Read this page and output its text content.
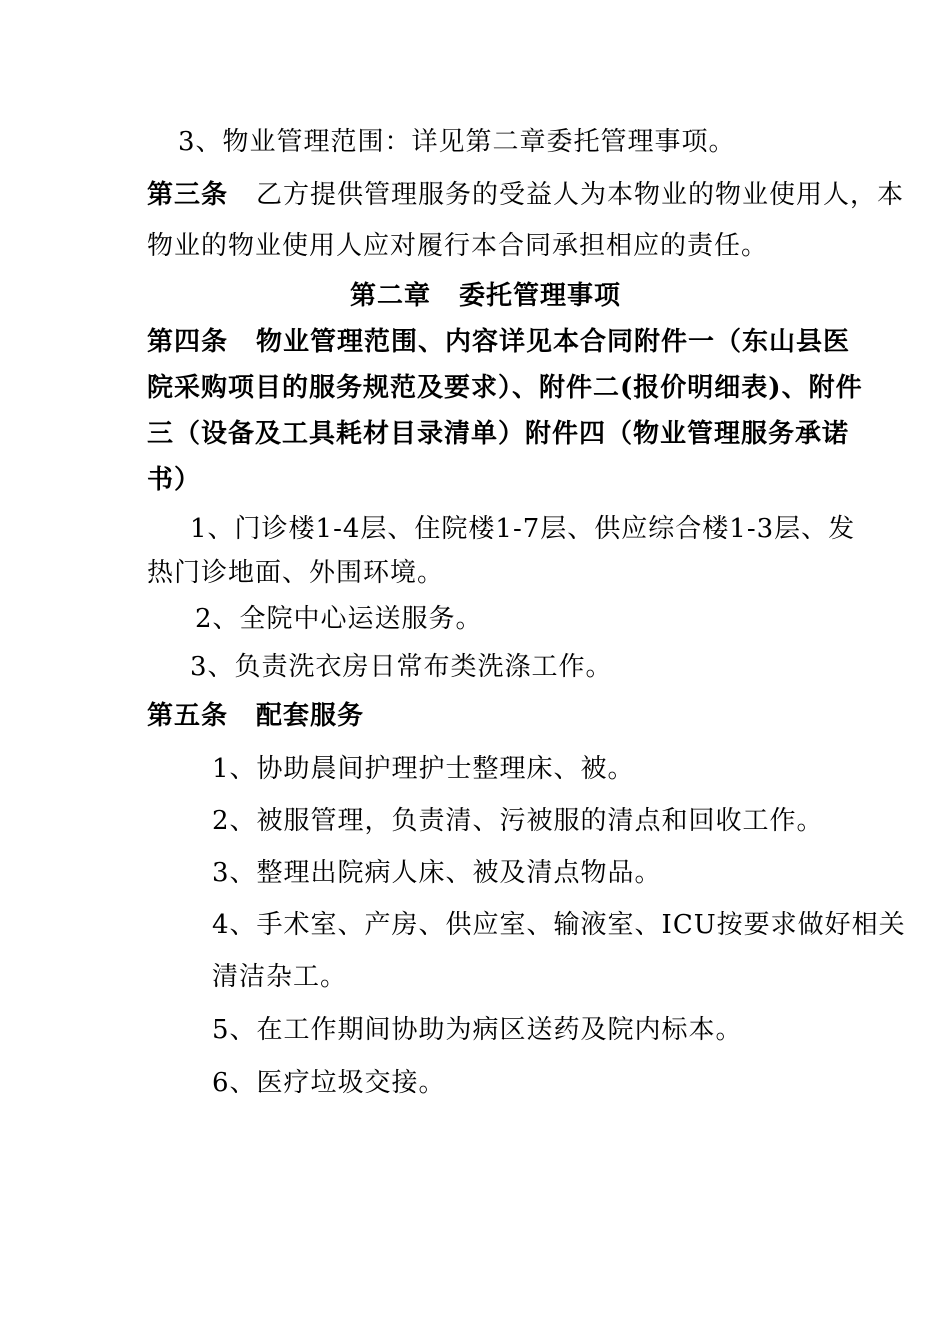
3、物业管理范围：详见第二章委托管理事项。
第三条 乙方提供管理服务的受益人为本物业的物业使用人，本
物业的物业使用人应对履行本合同承担相应的责任。
第二章 委托管理事项
第四条 物业管理范围、内容详见本合同附件一（东山县医
院采购项目的服务规范及要求）、附件二(报价明细表)、附件
三（设备及工具耗材目录清单）附件四（物业管理服务承诺
书）
1、门诊楼1-4层、住院楼1-7层、供应综合楼1-3层、发
热门诊地面、外围环境。
2、全院中心运送服务。
3、负责洗衣房日常布类洗涤工作。
第五条 配套服务
1、协助晨间护理护士整理床、被。
2、被服管理，负责清、污被服的清点和回收工作。
3、整理出院病人床、被及清点物品。
4、手术室、产房、供应室、输液室、ICU按要求做好相关
清洁杂工。
5、在工作期间协助为病区送药及院内标本。
6、医疗垃圾交接。
